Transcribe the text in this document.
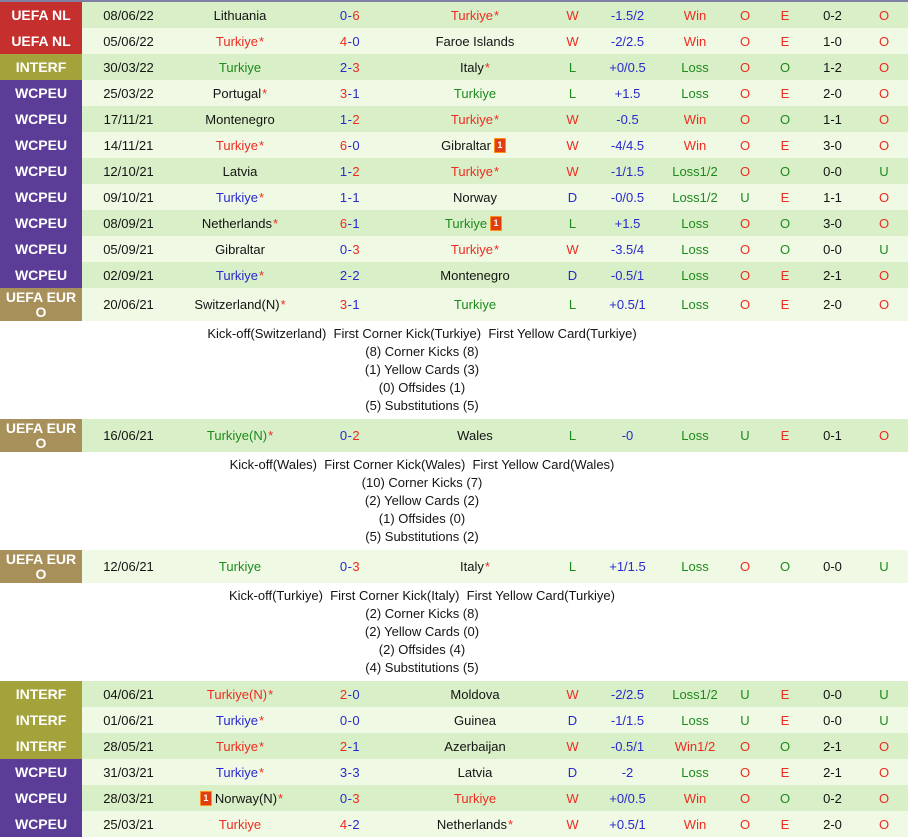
UEFA NL	08/06/22	Lithuania	0 - 6	Turkiye *	W	-1.5/2	Win	O	E	0-2	O
UEFA NL	05/06/22	Turkiye *	4 - 0	Faroe Islands	W	-2/2.5	Win	O	E	1-0	O
INTERF	30/03/22	Turkiye	2 - 3	Italy *	L	+0/0.5	Loss	O	O	1-2	O
WCPEU	25/03/22	Portugal *	3 - 1	Turkiye	L	+1.5	Loss	O	E	2-0	O
WCPEU	17/11/21	Montenegro	1 - 2	Turkiye *	W	-0.5	Win	O	O	1-1	O
WCPEU	14/11/21	Turkiye *	6 - 0	Gibraltar 1	W	-4/4.5	Win	O	E	3-0	O
WCPEU	12/10/21	Latvia	1 - 2	Turkiye *	W	-1/1.5	Loss1/2	O	O	0-0	U
WCPEU	09/10/21	Turkiye *	1 - 1	Norway	D	-0/0.5	Loss1/2	U	E	1-1	O
WCPEU	08/09/21	Netherlands *	6 - 1	Turkiye 1	L	+1.5	Loss	O	O	3-0	O
WCPEU	05/09/21	Gibraltar	0 - 3	Turkiye *	W	-3.5/4	Loss	O	O	0-0	U
WCPEU	02/09/21	Turkiye *	2 - 2	Montenegro	D	-0.5/1	Loss	O	E	2-1	O
UEFA EURO	20/06/21	Switzerland(N) *	3 - 1	Turkiye	L	+0.5/1	Loss	O	E	2-0	O
Kick-off(Switzerland)  First Corner Kick(Turkiye)  First Yellow Card(Turkiye)
(8) Corner Kicks (8)
(1) Yellow Cards (3)
(0) Offsides (1)
(5) Substitutions (5)
UEFA EURO	16/06/21	Turkiye(N) *	0 - 2	Wales	L	-0	Loss	U	E	0-1	O
Kick-off(Wales)  First Corner Kick(Wales)  First Yellow Card(Wales)
(10) Corner Kicks (7)
(2) Yellow Cards (2)
(1) Offsides (0)
(5) Substitutions (2)
UEFA EURO	12/06/21	Turkiye	0 - 3	Italy *	L	+1/1.5	Loss	O	O	0-0	U
Kick-off(Turkiye)  First Corner Kick(Italy)  First Yellow Card(Turkiye)
(2) Corner Kicks (8)
(2) Yellow Cards (0)
(2) Offsides (4)
(4) Substitutions (5)
INTERF	04/06/21	Turkiye(N) *	2 - 0	Moldova	W	-2/2.5	Loss1/2	U	E	0-0	U
INTERF	01/06/21	Turkiye *	0 - 0	Guinea	D	-1/1.5	Loss	U	E	0-0	U
INTERF	28/05/21	Turkiye *	2 - 1	Azerbaijan	W	-0.5/1	Win1/2	O	O	2-1	O
WCPEU	31/03/21	Turkiye *	3 - 3	Latvia	D	-2	Loss	O	E	2-1	O
WCPEU	28/03/21	1 Norway(N) *	0 - 3	Turkiye	W	+0/0.5	Win	O	O	0-2	O
WCPEU	25/03/21	Turkiye	4 - 2	Netherlands *	W	+0.5/1	Win	O	E	2-0	O
